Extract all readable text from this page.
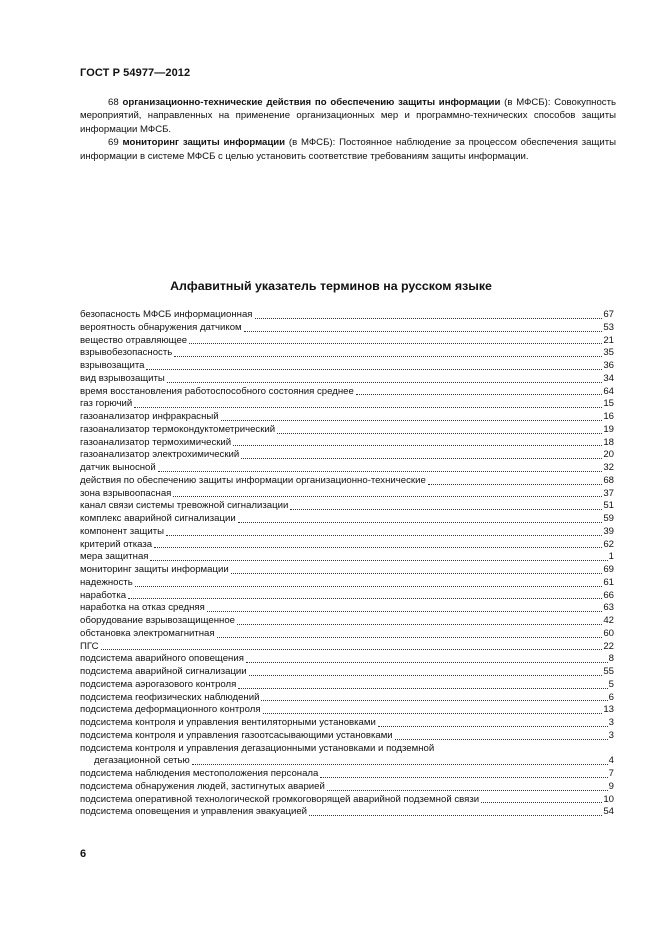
ГОСТ Р 54977—2012

68 организационно-технические действия по обеспечению защиты информации (в МФСБ): Совокупность мероприятий, направленных на применение организационных мер и программно-технических способов защиты информации МФСБ.

69 мониторинг защиты информации (в МФСБ): Постоянное наблюдение за процессом обеспечения защиты информации в системе МФСБ с целью установить соответствие требованиям защиты информации.

Алфавитный указатель терминов на русском языке
безопасность МФСБ информационная	67
вероятность обнаружения датчиком	53
вещество отравляющее	21
взрывобезопасность	35
взрывозащита	36
вид взрывозащиты	34
время восстановления работоспособного состояния среднее	64
газ горючий	15
газоанализатор инфракрасный	16
газоанализатор термокондуктометрический	19
газоанализатор термохимический	18
газоанализатор электрохимический	20
датчик выносной	32
действия по обеспечению защиты информации организационно-технические	68
зона взрывоопасная	37
канал связи системы тревожной сигнализации	51
комплекс аварийной сигнализации	59
компонент защиты	39
критерий отказа	62
мера защитная	1
мониторинг защиты информации	69
надежность	61
наработка	66
наработка на отказ средняя	63
оборудование взрывозащищенное	42
обстановка электромагнитная	60
ПГС	22
подсистема аварийного оповещения	8
подсистема аварийной сигнализации	55
подсистема аэрогазового контроля	5
подсистема геофизических наблюдений	6
подсистема деформационного контроля	13
подсистема контроля и управления вентиляторными установками	3
подсистема контроля и управления газоотсасывающими установками	3
подсистема контроля и управления дегазационными установками и подземной
дегазационной сетью	4
подсистема наблюдения местоположения персонала	7
подсистема обнаружения людей, застигнутых аварией	9
подсистема оперативной технологической громкоговорящей аварийной подземной связи	10
подсистема оповещения и управления эвакуацией	54
6
